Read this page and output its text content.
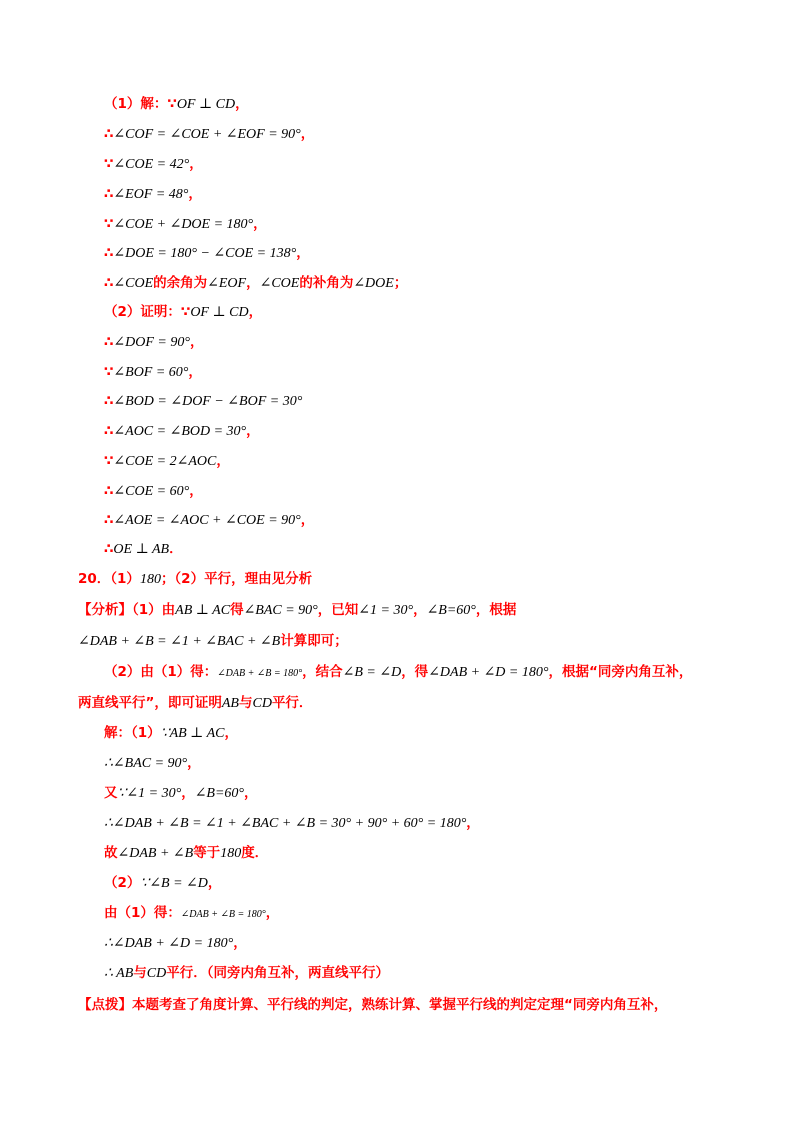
（1）解：∵OF ⊥ CD，
∴∠COF = ∠COE + ∠EOF = 90°，
∵∠COE = 42°，
∴∠EOF = 48°，
∵∠COE + ∠DOE = 180°，
∴∠DOE = 180° − ∠COE = 138°，
∴∠COE的余角为∠EOF，∠COE的补角为∠DOE；
（2）证明：∵OF ⊥ CD，
∴∠DOF = 90°，
∵∠BOF = 60°，
∴∠BOD = ∠DOF − ∠BOF = 30°
∴∠AOC = ∠BOD = 30°，
∵∠COE = 2∠AOC，
∴∠COE = 60°，
∴∠AOE = ∠AOC + ∠COE = 90°，
∴OE ⊥ AB．
20．（1）180；（2）平行，理由见分析
【分析】（1）由AB ⊥ AC得∠BAC = 90°，已知∠1 = 30°，∠B=60°，根据
∠DAB + ∠B = ∠1 + ∠BAC + ∠B计算即可；
（2）由（1）得：∠DAB + ∠B = 180°，结合∠B = ∠D，得∠DAB + ∠D = 180°，根据“同旁内角互补，
两直线平行”，即可证明AB与CD平行．
解：（1）∵AB ⊥ AC，
∴∠BAC = 90°，
又∵∠1 = 30°，∠B=60°，
∴∠DAB + ∠B = ∠1 + ∠BAC + ∠B = 30° + 90° + 60° = 180°，
故∠DAB + ∠B等于180度．
（2）∵∠B = ∠D，
由（1）得：∠DAB + ∠B = 180°，
∴∠DAB + ∠D = 180°，
∴ AB与CD平行．（同旁内角互补，两直线平行）
【点拨】本题考查了角度计算、平行线的判定，熟练计算、掌握平行线的判定定理“同旁内角互补，
